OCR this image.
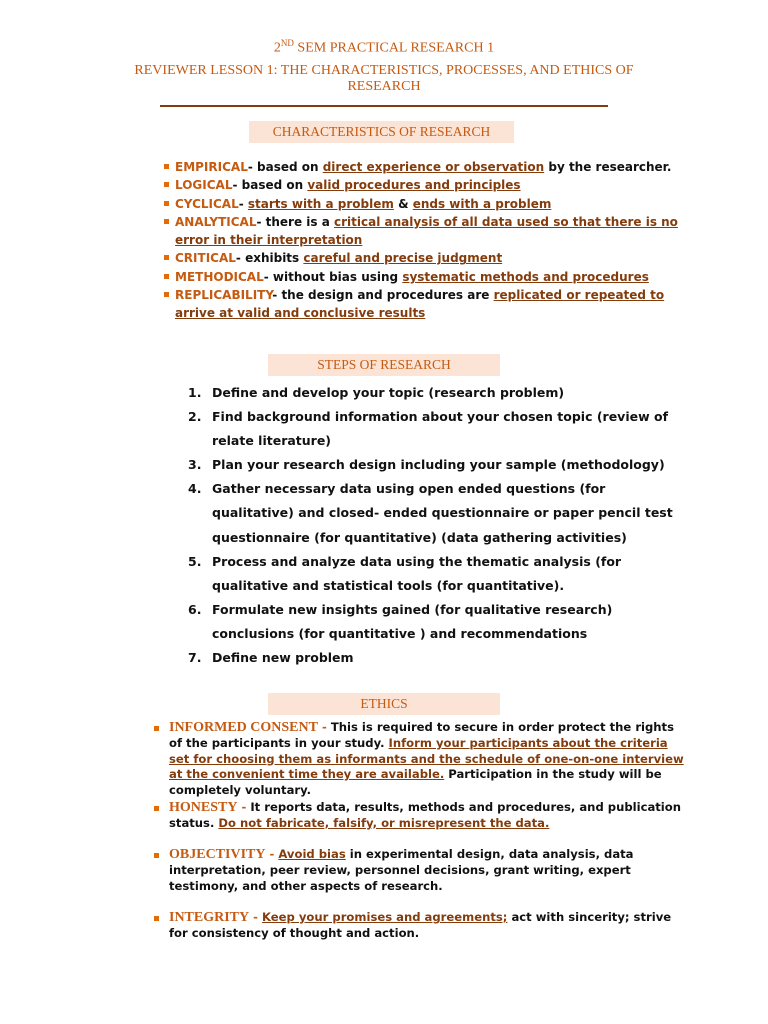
2ND SEM PRACTICAL RESEARCH 1
REVIEWER LESSON 1: THE CHARACTERISTICS, PROCESSES, AND ETHICS OF
RESEARCH
CHARACTERISTICS OF RESEARCH
EMPIRICAL- based on direct experience or observation by the researcher.
LOGICAL- based on valid procedures and principles
CYCLICAL- starts with a problem & ends with a problem
ANALYTICAL- there is a critical analysis of all data used so that there is no error in their interpretation
CRITICAL- exhibits careful and precise judgment
METHODICAL- without bias using systematic methods and procedures
REPLICABILITY- the design and procedures are replicated or repeated to arrive at valid and conclusive results
STEPS OF RESEARCH
1. Define and develop your topic (research problem)
2. Find background information about your chosen topic (review of relate literature)
3. Plan your research design including your sample (methodology)
4. Gather necessary data using open ended questions (for qualitative) and closed- ended questionnaire or paper pencil test questionnaire (for quantitative) (data gathering activities)
5. Process and analyze data using the thematic analysis (for qualitative and statistical tools (for quantitative).
6. Formulate new insights gained (for qualitative research) conclusions (for quantitative ) and recommendations
7. Define new problem
ETHICS
INFORMED CONSENT - This is required to secure in order protect the rights of the participants in your study. Inform your participants about the criteria set for choosing them as informants and the schedule of one-on-one interview at the convenient time they are available. Participation in the study will be completely voluntary.
HONESTY - It reports data, results, methods and procedures, and publication status. Do not fabricate, falsify, or misrepresent the data.
OBJECTIVITY - Avoid bias in experimental design, data analysis, data interpretation, peer review, personnel decisions, grant writing, expert testimony, and other aspects of research.
INTEGRITY - Keep your promises and agreements; act with sincerity; strive for consistency of thought and action.
